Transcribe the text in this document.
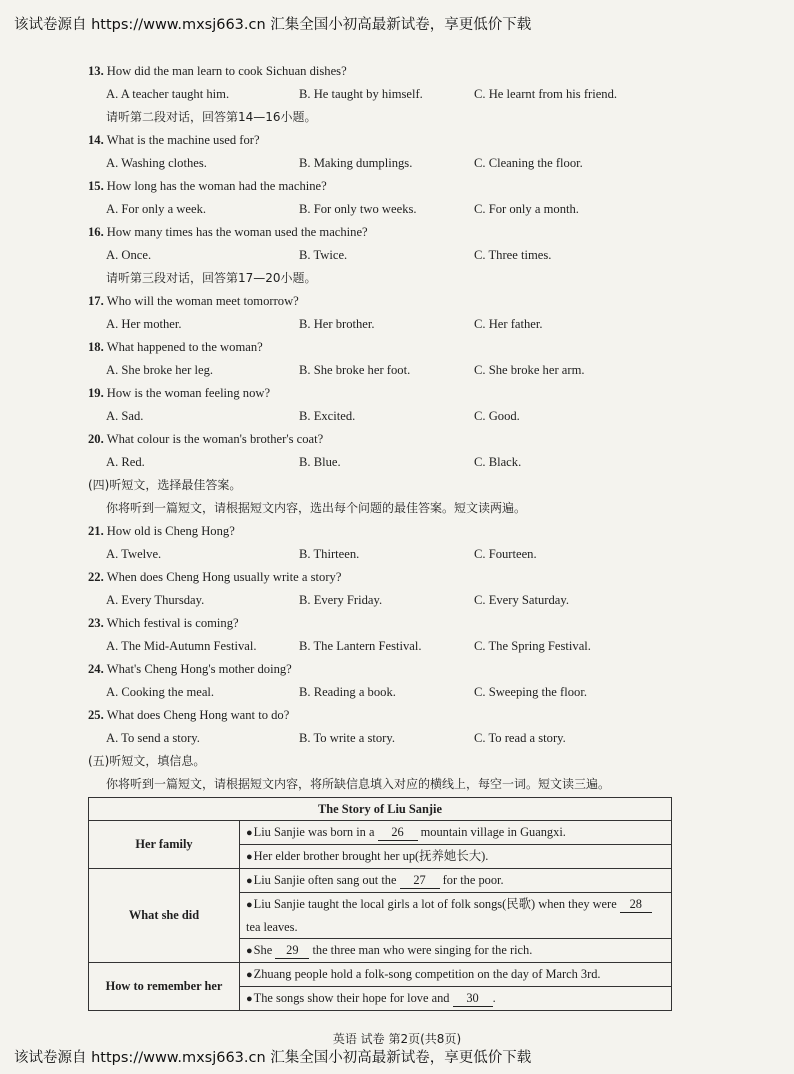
该试卷源自 https://www.mxsj663.cn 汇集全国小初高最新试卷，享更低价下载
13. How did the man learn to cook Sichuan dishes?
A. A teacher taught him.	B. He taught by himself.	C. He learnt from his friend.
请听第二段对话，回答第14—16小题。
14. What is the machine used for?
A. Washing clothes.	B. Making dumplings.	C. Cleaning the floor.
15. How long has the woman had the machine?
A. For only a week.	B. For only two weeks.	C. For only a month.
16. How many times has the woman used the machine?
A. Once.	B. Twice.	C. Three times.
请听第三段对话，回答第17—20小题。
17. Who will the woman meet tomorrow?
A. Her mother.	B. Her brother.	C. Her father.
18. What happened to the woman?
A. She broke her leg.	B. She broke her foot.	C. She broke her arm.
19. How is the woman feeling now?
A. Sad.	B. Excited.	C. Good.
20. What colour is the woman's brother's coat?
A. Red.	B. Blue.	C. Black.
(四)听短文，选择最佳答案。
你将听到一篇短文，请根据短文内容，选出每个问题的最佳答案。短文读两遍。
21. How old is Cheng Hong?
A. Twelve.	B. Thirteen.	C. Fourteen.
22. When does Cheng Hong usually write a story?
A. Every Thursday.	B. Every Friday.	C. Every Saturday.
23. Which festival is coming?
A. The Mid-Autumn Festival.	B. The Lantern Festival.	C. The Spring Festival.
24. What's Cheng Hong's mother doing?
A. Cooking the meal.	B. Reading a book.	C. Sweeping the floor.
25. What does Cheng Hong want to do?
A. To send a story.	B. To write a story.	C. To read a story.
(五)听短文，填信息。
你将听到一篇短文，请根据短文内容，将所缺信息填入对应的横线上，每空一词。短文读三遍。
The Story of Liu Sanjie	
Her family	●Liu Sanjie was born in a 26 mountain village in Guangxi.
	●Her elder brother brought her up(抚养她长大).
What she did	●Liu Sanjie often sang out the 27 for the poor.
	●Liu Sanjie taught the local girls a lot of folk songs(民歌) when they were 28 tea leaves.
	●She 29 the three man who were singing for the rich.
How to remember her	●Zhuang people hold a folk-song competition on the day of March 3rd.
	●The songs show their hope for love and 30 .
英语 试卷 第2页(共8页)
该试卷源自 https://www.mxsj663.cn 汇集全国小初高最新试卷，享更低价下载
